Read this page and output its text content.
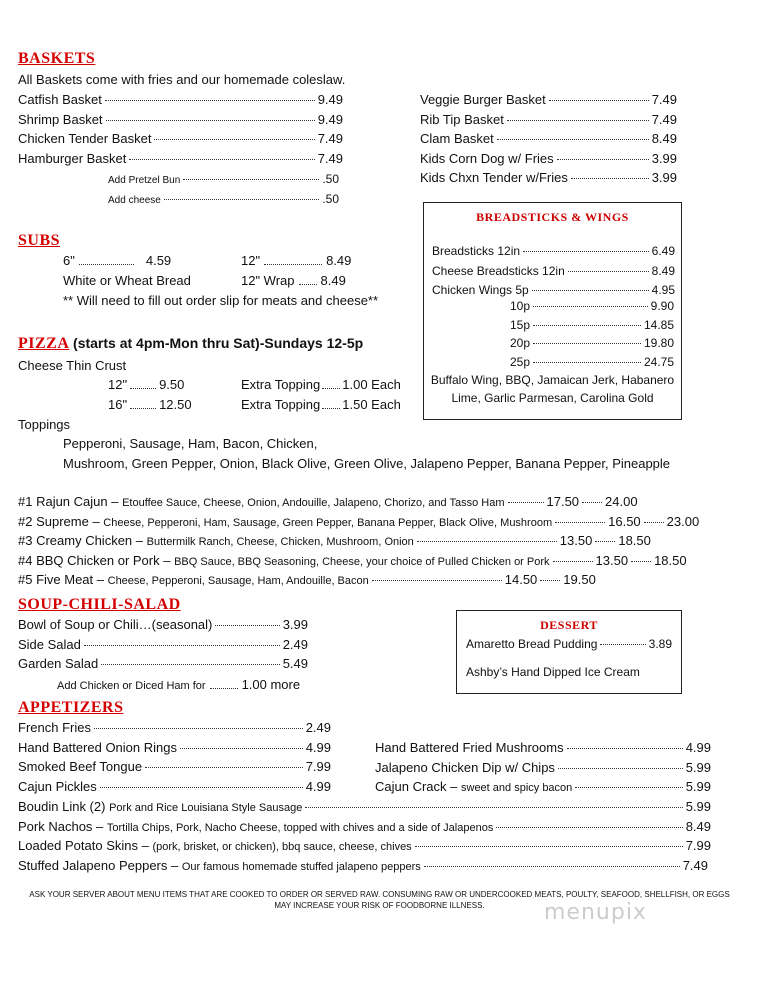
BASKETS
All Baskets come with fries and our homemade coleslaw.
Catfish Basket	9.49
Shrimp Basket	9.49
Chicken Tender Basket	7.49
Hamburger Basket	7.49
Add Pretzel Bun	.50
Add cheese	.50
Veggie Burger Basket	7.49
Rib Tip Basket	7.49
Clam Basket	8.49
Kids Corn Dog w/ Fries	3.99
Kids Chxn Tender w/Fries	3.99
BREADSTICKS & WINGS
Breadsticks 12in	6.49
Cheese Breadsticks 12in	8.49
Chicken Wings 5p	4.95
10p	9.90
15p	14.85
20p	19.80
25p	24.75
Buffalo Wing, BBQ, Jamaican Jerk, Habanero
Lime, Garlic Parmesan, Carolina Gold
SUBS
6"	4.59	12"	8.49
White or Wheat Bread	12" Wrap 8.49
** Will need to fill out order slip for meats and cheese**
PIZZA (starts at 4pm-Mon thru Sat)-Sundays 12-5p
Cheese Thin Crust
12" 9.50	Extra Topping 1.00 Each
16" 12.50	Extra Topping 1.50 Each
Toppings
Pepperoni, Sausage, Ham, Bacon, Chicken,
Mushroom, Green Pepper, Onion, Black Olive, Green Olive, Jalapeno Pepper, Banana Pepper, Pineapple
#1 Rajun Cajun – Etouffee Sauce, Cheese, Onion, Andouille, Jalapeno, Chorizo, and Tasso Ham	17.50 24.00
#2 Supreme – Cheese, Pepperoni, Ham, Sausage, Green Pepper, Banana Pepper, Black Olive, Mushroom	16.50 23.00
#3 Creamy Chicken – Buttermilk Ranch, Cheese, Chicken, Mushroom, Onion	13.50 18.50
#4 BBQ Chicken or Pork – BBQ Sauce, BBQ Seasoning, Cheese, your choice of Pulled Chicken or Pork	13.50 18.50
#5 Five Meat – Cheese, Pepperoni, Sausage, Ham, Andouille, Bacon	14.50 19.50
SOUP-CHILI-SALAD
Bowl of Soup or Chili…(seasonal)	3.99
Side Salad	2.49
Garden Salad	5.49
Add Chicken or Diced Ham for	1.00 more
DESSERT
Amaretto Bread Pudding	3.89
Ashby’s Hand Dipped Ice Cream
APPETIZERS
French Fries	2.49
Hand Battered Onion Rings	4.99
Smoked Beef Tongue	7.99
Cajun Pickles	4.99
Hand Battered Fried Mushrooms	4.99
Jalapeno Chicken Dip w/ Chips	5.99
Cajun Crack – sweet and spicy bacon	5.99
Boudin Link (2)
Pork and Rice Louisiana Style Sausage	5.99
Pork Nachos – Tortilla Chips, Pork, Nacho Cheese, topped with chives and a side of Jalapenos	8.49
Loaded Potato Skins – (pork, brisket, or chicken), bbq sauce, cheese, chives	7.99
Stuffed Jalapeno Peppers – Our famous homemade stuffed jalapeno peppers	7.49
ASK YOUR SERVER ABOUT MENU ITEMS THAT ARE COOKED TO ORDER OR SERVED RAW. CONSUMING RAW OR UNDERCOOKED MEATS, POULTY, SEAFOOD, SHELLFISH, OR EGGS
MAY INCREASE YOUR RISK OF FOODBORNE ILLNESS.	menupix
